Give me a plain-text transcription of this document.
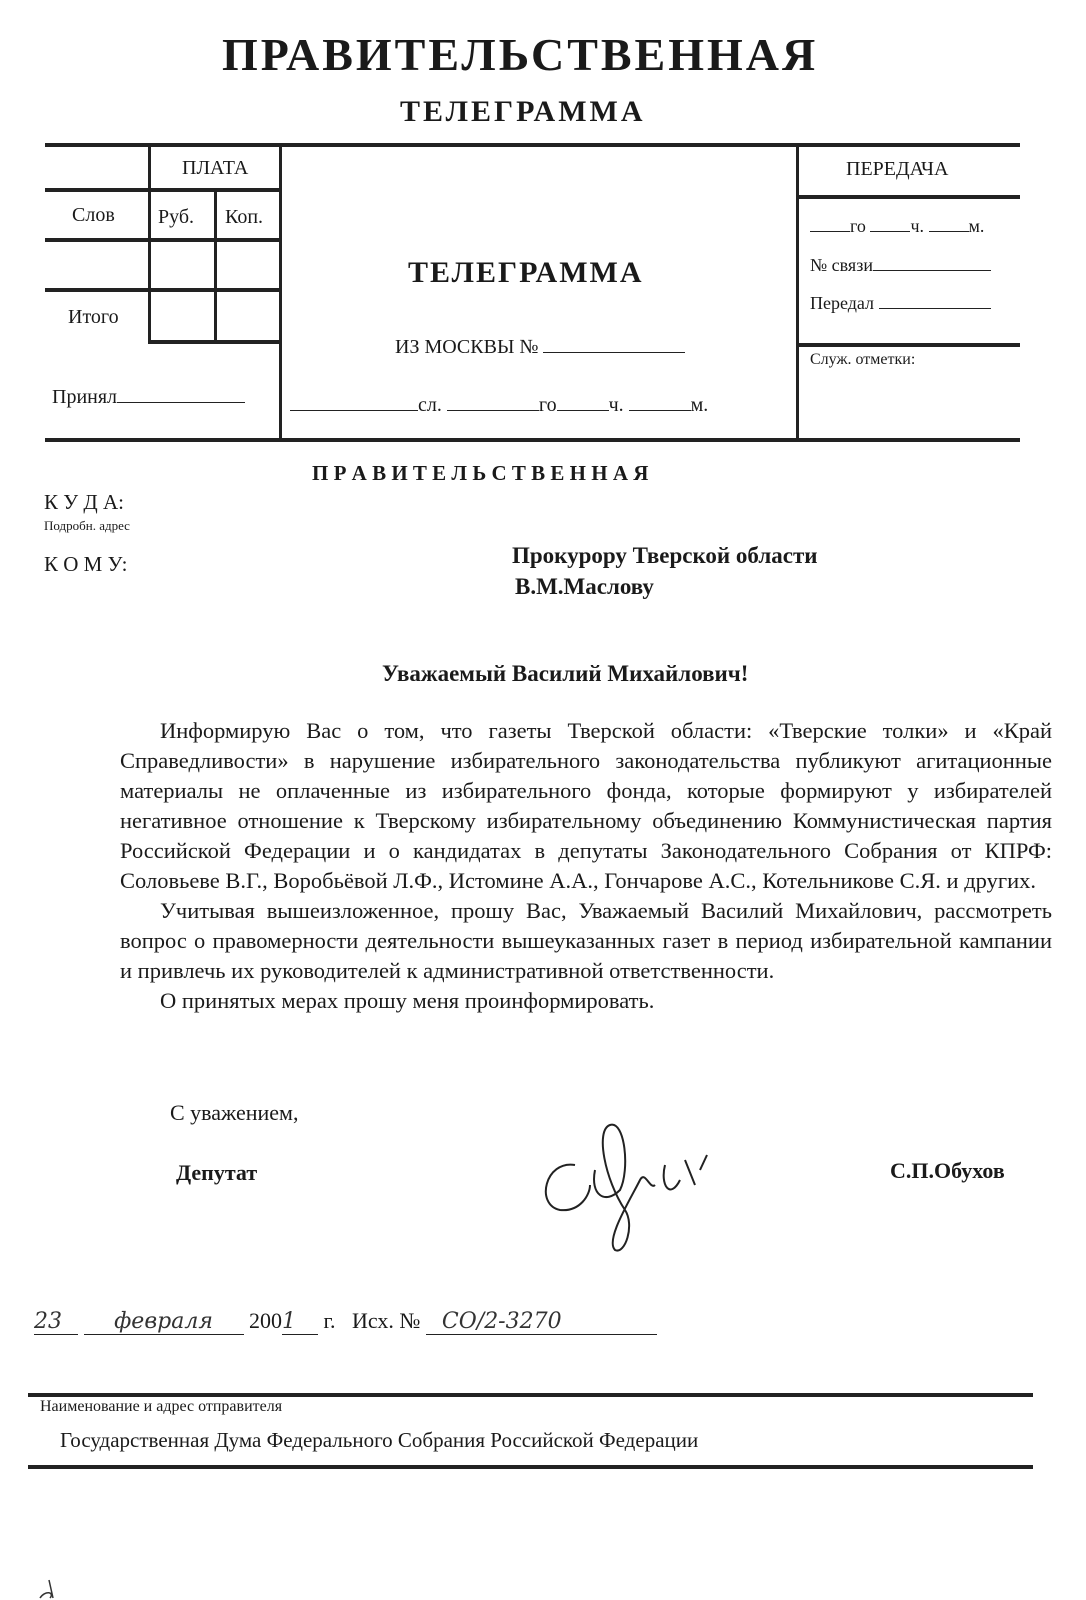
ПРАВИТЕЛЬСТВЕННАЯ
ТЕЛЕГРАММА
ПЛАТА
Слов Руб. Коп.
Итого
Принял
ТЕЛЕГРАММА
ИЗ МОСКВЫ №
сл.	го	ч.	м.
ПЕРЕДАЧА
го ч. м.
№ связи
Передал
Служ. отметки:
П Р А В И Т Е Л Ь С Т В Е Н Н А Я
К У Д А:
Подробн. адрес
К О М У:	Прокурору Тверской области
В.М.Маслову
Уважаемый Василий Михайлович!

Информирую Вас о том, что газеты Тверской области: «Тверские толки» и «Край Справедливости» в нарушение избирательного законодательства публикуют агитационные материалы не оплаченные из избирательного фонда, которые формируют у избирателей негативное отношение к Тверскому избирательному объединению Коммунистическая партия Российской Федерации и о кандидатах в депутаты Законодательного Собрания от КПРФ: Соловьеве В.Г., Воробьёвой Л.Ф., Истомине А.А., Гончарове А.С., Котельникове С.Я. и других.

Учитывая вышеизложенное, прошу Вас, Уважаемый Василий Михайлович, рассмотреть вопрос о правомерности деятельности вышеуказанных газет в период избирательной кампании и привлечь их руководителей к административной ответственности.

О принятых мерах прошу меня проинформировать.

С уважением,
Депутат	С.П.Обухов
23 февраля 2001 г. Исх. № СО/2-3270
Наименование и адрес отправителя
Государственная Дума Федерального Собрания Российской Федерации
